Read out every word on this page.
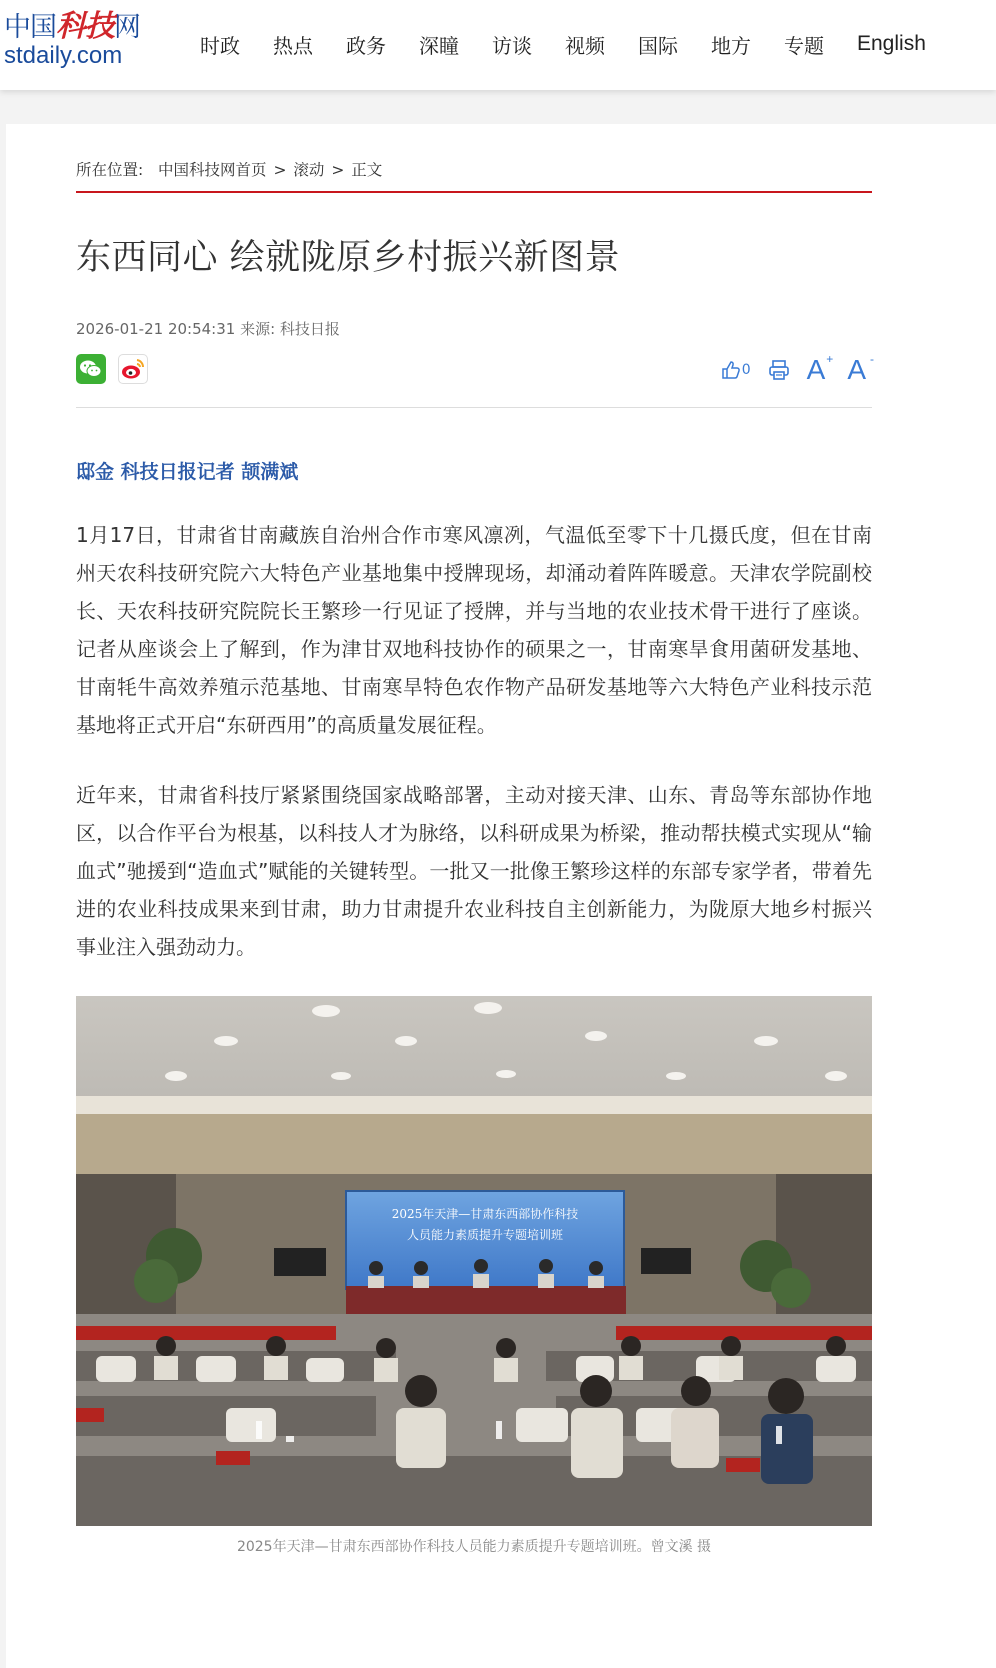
中国科技网
stdaily.com	时政 热点 政务 深瞳 访谈 视频 国际 地方 专题 English
所在位置: 中国科技网首页 > 滚动 > 正文
东西同心 绘就陇原乡村振兴新图景
2026-01-21 20:54:31 来源: 科技日报
0 A + A -
邸金 科技日报记者 颉满斌

1月17日，甘肃省甘南藏族自治州合作市寒风凛冽，气温低至零下十几摄氏度，但在甘南州天农科技研究院六大特色产业基地集中授牌现场，却涌动着阵阵暖意。天津农学院副校长、天农科技研究院院长王繁珍一行见证了授牌，并与当地的农业技术骨干进行了座谈。记者从座谈会上了解到，作为津甘双地科技协作的硕果之一，甘南寒旱食用菌研发基地、甘南牦牛高效养殖示范基地、甘南寒旱特色农作物产品研发基地等六大特色产业科技示范基地将正式开启“东研西用”的高质量发展征程。

近年来，甘肃省科技厅紧紧围绕国家战略部署，主动对接天津、山东、青岛等东部协作地区，以合作平台为根基，以科技人才为脉络，以科研成果为桥梁，推动帮扶模式实现从“输血式”驰援到“造血式”赋能的关键转型。一批又一批像王繁珍这样的东部专家学者，带着先进的农业科技成果来到甘肃，助力甘肃提升农业科技自主创新能力，为陇原大地乡村振兴事业注入强劲动力。

2025年天津—甘肃东西部协作科技
人员能力素质提升专题培训班
2025年天津—甘肃东西部协作科技人员能力素质提升专题培训班。曾文溪 摄
